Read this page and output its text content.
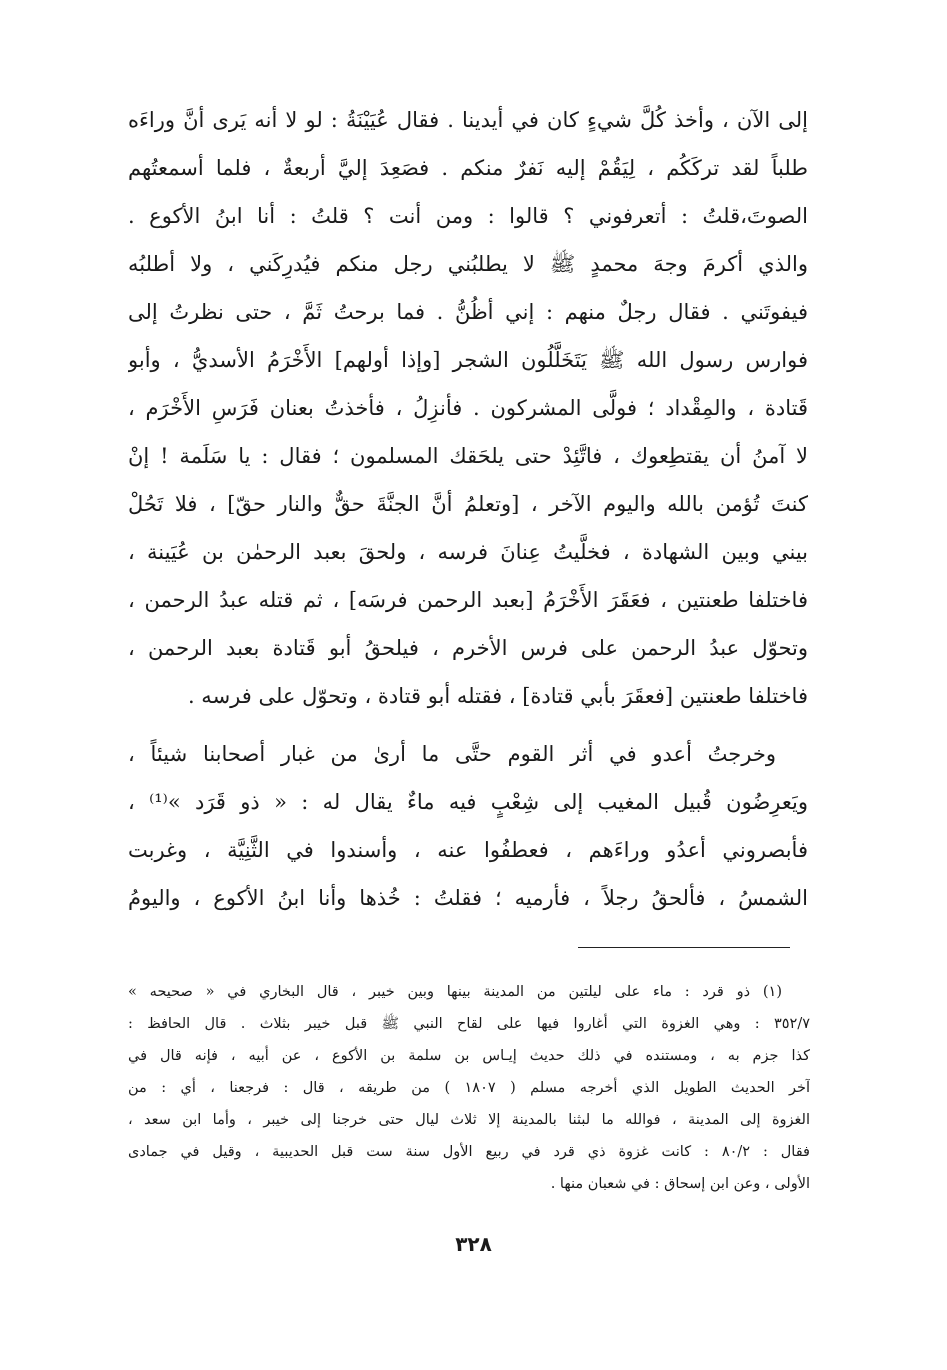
إلى الآن ، وأخذ كُلَّ شيءٍ كان في أيدينا . فقال عُيَيْنَةُ : لو لا أنه يَرى أنَّ وراءَه
طلباً لقد تركَكُم ، لِيَقُمْ إليه نَفرٌ منكم . فصَعِدَ إليَّ أربعةٌ ، فلما أسمعتُهم
الصوتَ،قلتُ : أتعرفوني ؟ قالوا : ومن أنت ؟ قلتُ : أنا ابنُ الأكوع .
والذي أكرمَ وجهَ محمدٍ ﷺ لا يطلبُني رجل منكم فيُدرِكَني ، ولا أطلبُه
فيفوتَني . فقال رجلٌ منهم : إني أظُنُّ . فما برحتُ ثَمَّ ، حتى نظرتُ إلى
فوارس رسول الله ﷺ يَتَخَلَّلُون الشجر [وإذا أولهم] الأَخْرَمُ الأسديُّ ، وأبو
قَتادة ، والمِقْداد ؛ فولَّى المشركون . فأنزِلُ ، فأخذتُ بعنان فَرَسِ الأَخْرَم ،
لا آمنُ أن يقتطِعوك ، فاتَّئِدْ حتى يلحَقك المسلمون ؛ فقال : يا سَلَمة ! إنْ
كنتَ تُؤمن بالله واليوم الآخر ، [وتعلمُ أنَّ الجنَّةَ حقٌّ والنار حقّ] ، فلا تَحُلْ
بيني وبين الشهادة ، فخلَّيتُ عِنانَ فرسه ، ولحقَ بعبد الرحمٰن بن عُيَينة ،
فاختلفا طعنتين ، فعَقَرَ الأَخْرَمُ [بعبد الرحمن فرسَه] ، ثم قتله عبدُ الرحمن ،
وتحوّل عبدُ الرحمن على فرس الأخرم ، فيلحقُ أبو قَتادة بعبد الرحمن ،
فاختلفا طعنتين [فعقَرَ بأبي قتادة] ، فقتله أبو قتادة ، وتحوّل على فرسه .
وخرجتُ أعدو في أثر القوم حتَّى ما أرىٰ من غبار أصحابنا شيئاً ،
ويَعرِضُون قُبيل المغيب إلى شِعْبٍ فيه ماءٌ يقال له : « ذو قَرَد »⁽¹⁾ ،
فأبصروني أعدُو وراءَهم ، فعطفُوا عنه ، وأسندوا في الثَّنِيَّة ، وغربت
الشمسُ ، فألحقُ رجلاً ، فأرميه ؛ فقلتُ : خُذها وأنا ابنُ الأكوع ، واليومُ
(١) ذو قرد : ماء على ليلتين من المدينة بينها وبين خيبر ، قال البخاري في « صحيحه »
٣٥٢/٧ : وهي الغزوة التي أغاروا فيها على لقاح النبي ﷺ قبل خيبر بثلاث . قال الحافظ :
كذا جزم به ، ومستنده في ذلك حديث إيـاس بن سلمة بن الأكوع ، عن أبيه ، فإنه قال في
آخر الحديث الطويل الذي أخرجه مسلم ( ١٨٠٧ ) من طريقه ، قال : فرجعنا ، أي : من
الغزوة إلى المدينة ، فوالله ما لبثنا بالمدينة إلا ثلاث ليال حتى خرجنا إلى خيبر ، وأما ابن سعد ،
فقال : ٨٠/٢ : كانت غزوة ذي قرد في ربيع الأول سنة ست قبل الحديبية ، وقيل في جمادى
الأولى ، وعن ابن إسحاق : في شعبان منها .
٣٢٨
